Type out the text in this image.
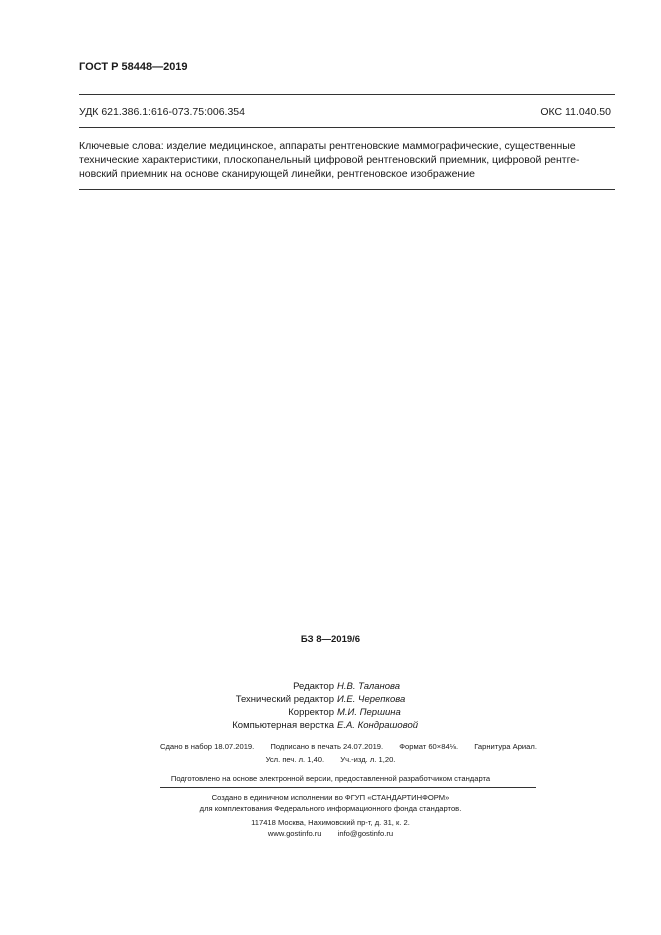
ГОСТ Р 58448—2019
УДК 621.386.1:616-073.75:006.354	ОКС 11.040.50
Ключевые слова: изделие медицинское, аппараты рентгеновские маммографические, существенные
технические характеристики, плоскопанельный цифровой рентгеновский приемник, цифровой рентге-
новский приемник на основе сканирующей линейки, рентгеновское изображение
БЗ 8—2019/6
Редактор Н.В. Таланова
Технический редактор И.Е. Черепкова
Корректор М.И. Першина
Компьютерная верстка Е.А. Кондрашовой
Сдано в набор 18.07.2019. Подписано в печать 24.07.2019. Формат 60×84⅛. Гарнитура Ариал.
Усл. печ. л. 1,40. Уч.-изд. л. 1,20.
Подготовлено на основе электронной версии, предоставленной разработчиком стандарта
Создано в единичном исполнении во ФГУП «СТАНДАРТИНФОРМ»
для комплектования Федерального информационного фонда стандартов.
117418 Москва, Нахимовский пр-т, д. 31, к. 2.
www.gostinfo.ru info@gostinfo.ru
